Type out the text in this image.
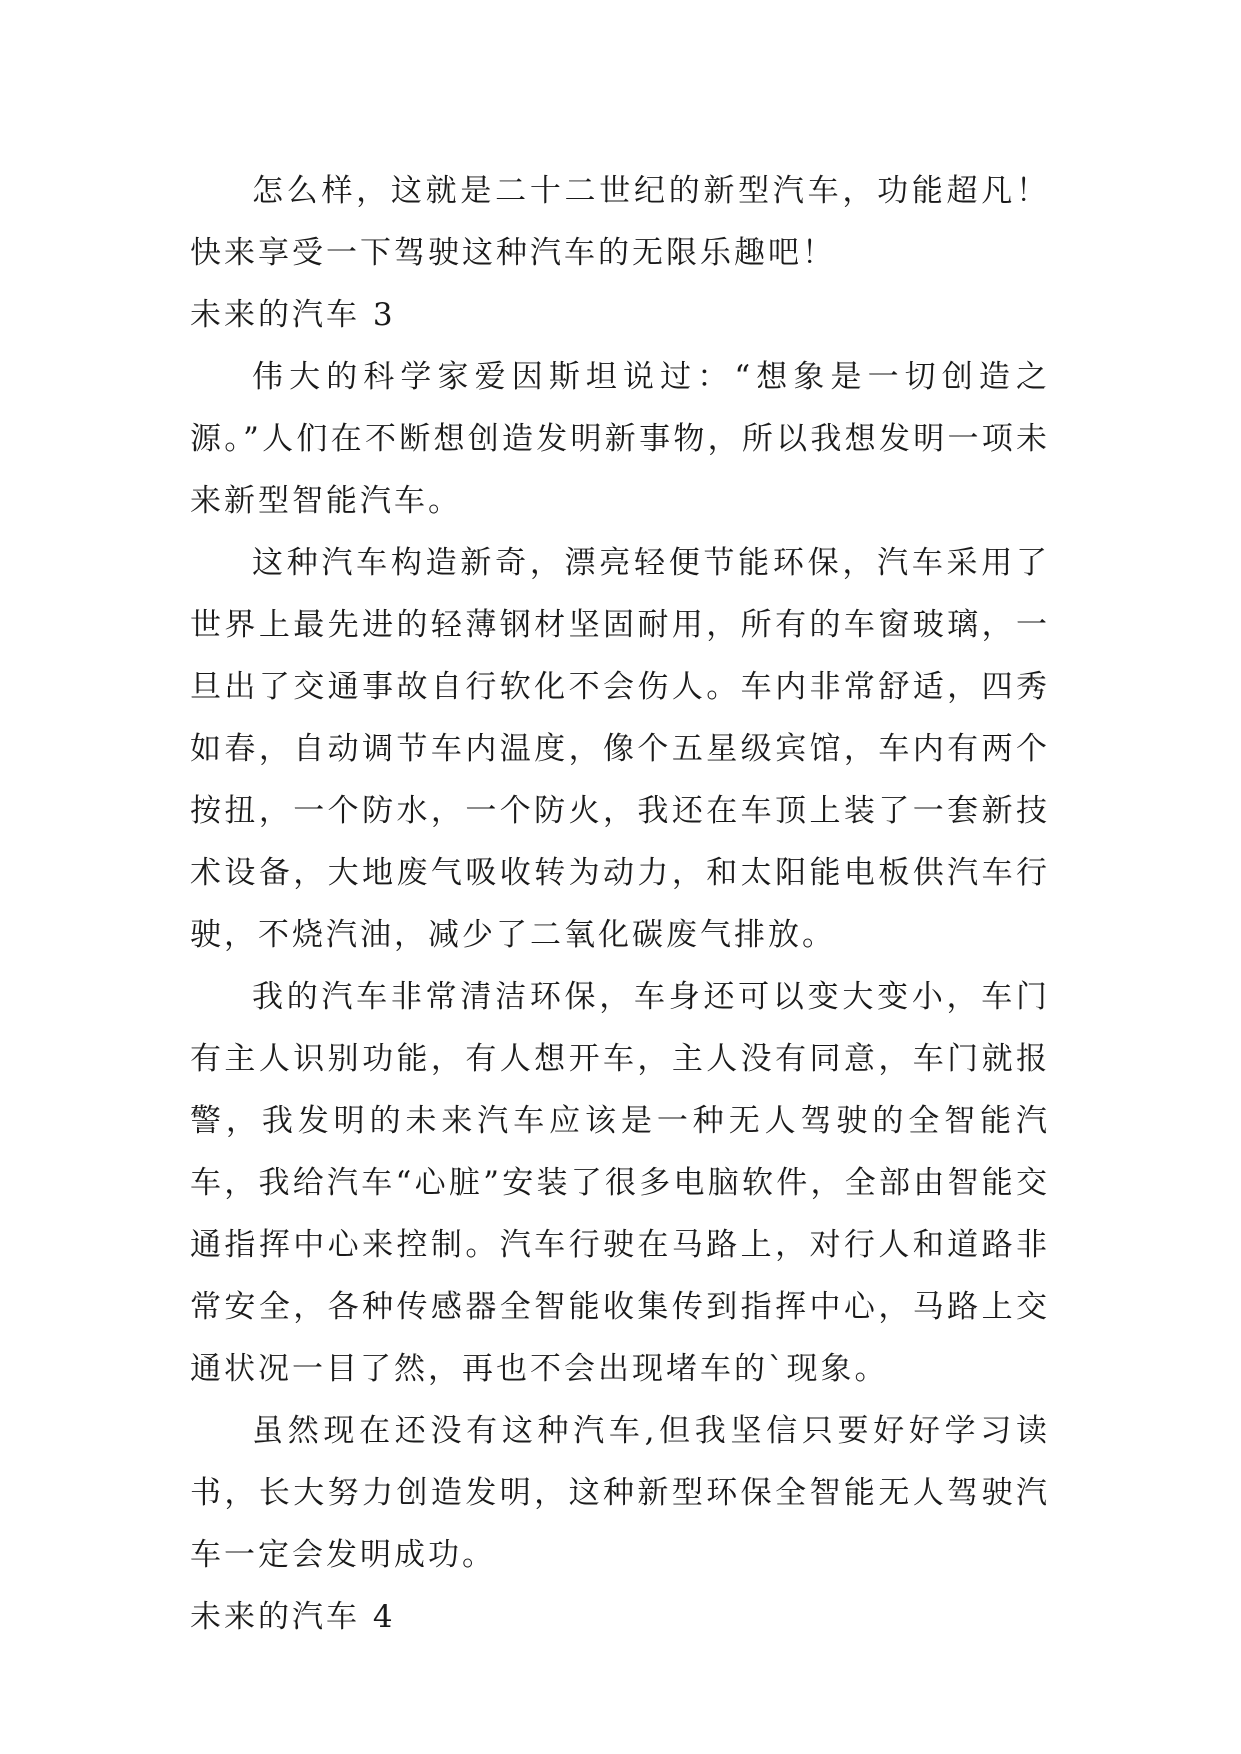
怎么样，这就是二十二世纪的新型汽车，功能超凡！快来享受一下驾驶这种汽车的无限乐趣吧！

未来的汽车 3

伟大的科学家爱因斯坦说过：“想象是一切创造之源。”人们在不断想创造发明新事物，所以我想发明一项未来新型智能汽车。

这种汽车构造新奇，漂亮轻便节能环保，汽车采用了世界上最先进的轻薄钢材坚固耐用，所有的车窗玻璃，一旦出了交通事故自行软化不会伤人。车内非常舒适，四秀如春，自动调节车内温度，像个五星级宾馆，车内有两个按扭，一个防水，一个防火，我还在车顶上装了一套新技术设备，大地废气吸收转为动力，和太阳能电板供汽车行驶，不烧汽油，减少了二氧化碳废气排放。

我的汽车非常清洁环保，车身还可以变大变小，车门有主人识别功能，有人想开车，主人没有同意，车门就报警，我发明的未来汽车应该是一种无人驾驶的全智能汽车，我给汽车“心脏”安装了很多电脑软件，全部由智能交通指挥中心来控制。汽车行驶在马路上，对行人和道路非常安全，各种传感器全智能收集传到指挥中心，马路上交通状况一目了然，再也不会出现堵车的`现象。

虽然现在还没有这种汽车,但我坚信只要好好学习读书，长大努力创造发明，这种新型环保全智能无人驾驶汽车一定会发明成功。

未来的汽车 4
